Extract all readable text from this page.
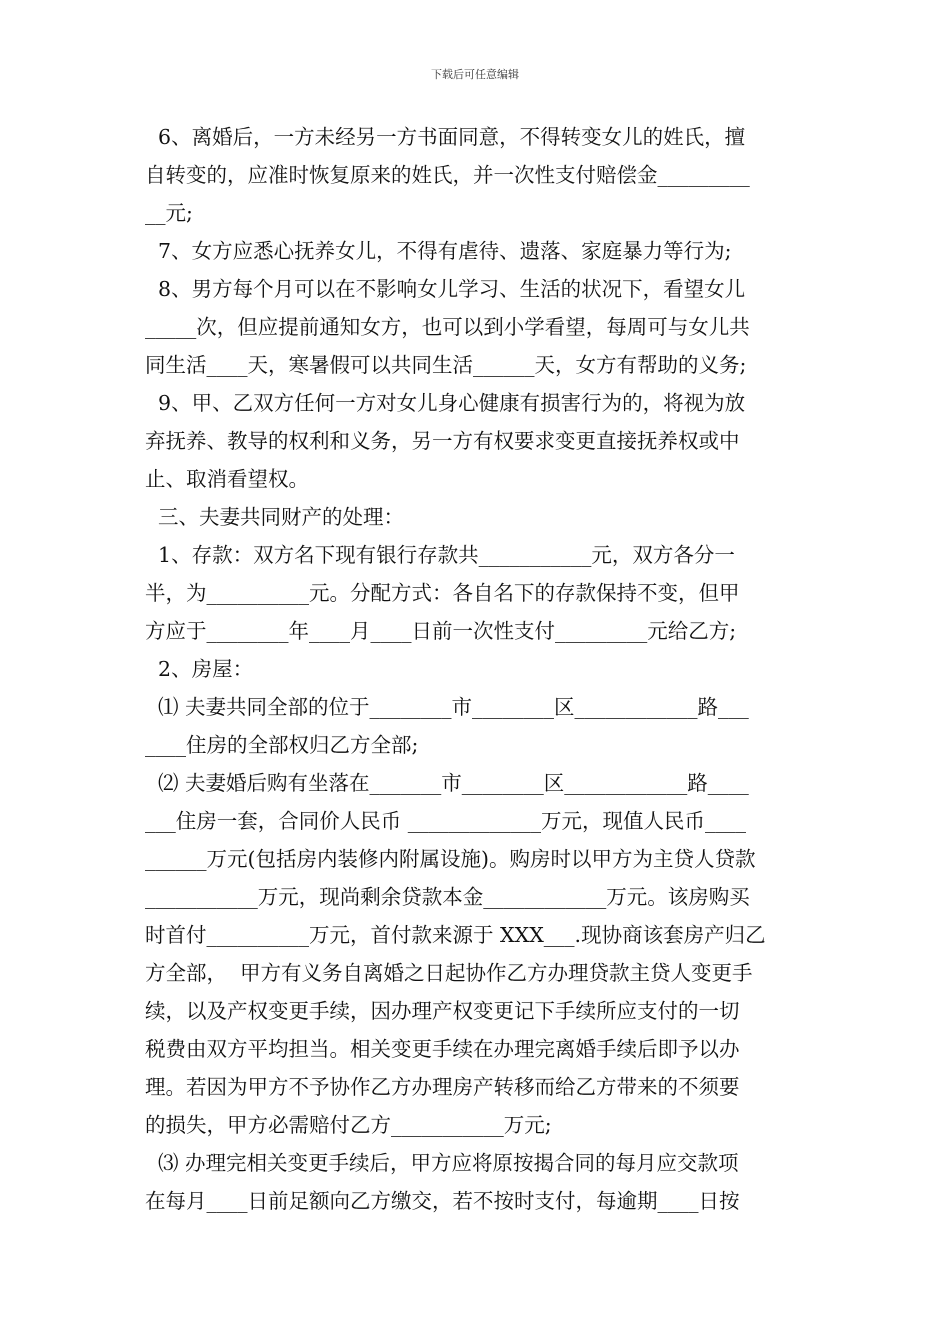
下载后可任意编辑
6、离婚后，一方未经另一方书面同意，不得转变女儿的姓氏，擅
自转变的，应准时恢复原来的姓氏，并一次性支付赔偿金_________
__元;
7、女方应悉心抚养女儿，不得有虐待、遗落、家庭暴力等行为;
8、男方每个月可以在不影响女儿学习、生活的状况下，看望女儿
_____次，但应提前通知女方，也可以到小学看望，每周可与女儿共
同生活____天，寒暑假可以共同生活______天，女方有帮助的义务;
9、甲、乙双方任何一方对女儿身心健康有损害行为的，将视为放
弃抚养、教导的权利和义务，另一方有权要求变更直接抚养权或中
止、取消看望权。
三、夫妻共同财产的处理：
1、存款：双方名下现有银行存款共___________元，双方各分一
半，为__________元。分配方式：各自名下的存款保持不变，但甲
方应于________年____月____日前一次性支付_________元给乙方;
2、房屋：
⑴ 夫妻共同全部的位于________市________区____________路___
____住房的全部权归乙方全部;
⑵ 夫妻婚后购有坐落在_______市________区____________路____
___住房一套，合同价人民币 _____________万元，现值人民币____
______万元(包括房内装修内附属设施)。购房时以甲方为主贷人贷款
___________万元，现尚剩余贷款本金____________万元。该房购买
时首付__________万元，首付款来源于 XXX___.现协商该套房产归乙
方全部，  甲方有义务自离婚之日起协作乙方办理贷款主贷人变更手
续，以及产权变更手续，因办理产权变更记下手续所应支付的一切
税费由双方平均担当。相关变更手续在办理完离婚手续后即予以办
理。若因为甲方不予协作乙方办理房产转移而给乙方带来的不须要
的损失，甲方必需赔付乙方___________万元;
⑶ 办理完相关变更手续后，甲方应将原按揭合同的每月应交款项
在每月____日前足额向乙方缴交，若不按时支付，每逾期____日按
